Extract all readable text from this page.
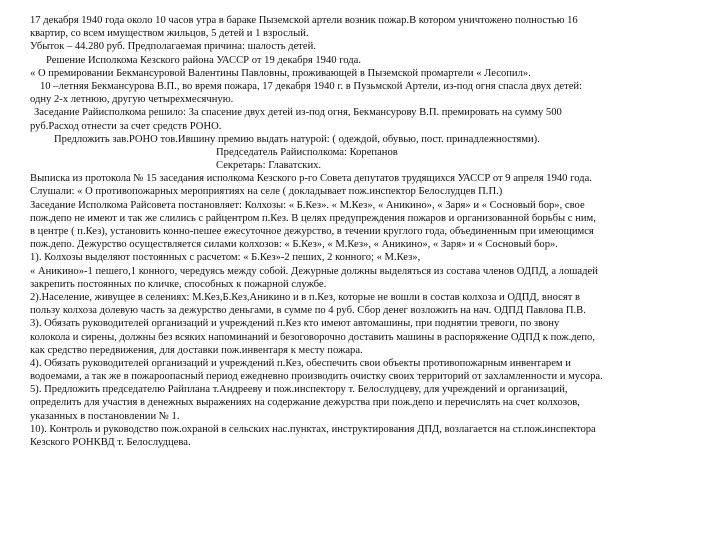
17 декабря 1940 года около 10 часов утра в бараке Пыземской артели возник пожар.В котором уничтожено полностью 16
квартир, со всем имуществом жильцов, 5 детей и 1 взрослый.
Убыток – 44.280 руб. Предполагаемая причина: шалость детей.
Решение Исполкома Кезского района УАССР от 19 декабря 1940 года.
« О премировании Бекмансуровой Валентины Павловны, проживающей в Пыземской промартели « Лесопил».
10 –летняя Бекмансурова В.П., во время пожара, 17 декабря 1940 г. в Пузьмской Артели, из-под огня спасла двух детей:
одну 2-х летнюю, другую четырехмесячную.
Заседание Райисполкома решило: За спасение двух детей из-под огня, Бекмансурову В.П. премировать на сумму 500
руб.Расход отнести за счет средств РОНО.
Предложить зав.РОНО тов.Ившину премию выдать натурой: ( одеждой, обувью, пост. принадлежностями).
Председатель Райисполкома: Корепанов
Секретарь: Главатских.
Выписка из протокола № 15 заседания исполкома Кезского р-го Совета депутатов трудящихся УАССР от 9 апреля 1940 года.
Слушали: « О противопожарных мероприятиях на селе ( докладывает пож.инспектор Белослудцев П.П.)
Заседание Исполкома Райсовета постановляет: Колхозы: « Б.Кез». « М.Кез», « Аникино», « Заря» и « Сосновый бор», свое
пож.депо не имеют и так же слились с райцентром п.Кез. В целях предупреждения пожаров и организованной борьбы с ним,
в центре ( п.Кез), установить конно-пешее ежесуточное дежурство, в течении круглого года, объединенным при имеющимся
пож.депо. Дежурство осуществляется силами колхозов: « Б.Кез», « М.Кез», « Аникино», « Заря» и « Сосновый бор».
1). Колхозы выделяют постоянных с расчетом: « Б.Кез»-2 пеших, 2 конного; « М.Кез»,
« Аникино»-1 пешего,1 конного, чередуясь между собой. Дежурные должны выделяться из состава членов ОДПД, а лошадей
закрепить постоянных по кличке, способных к пожарной службе.
2).Население, живущее в селениях: М.Кез,Б.Кез,Аникино и в п.Кез, которые не вошли в состав колхоза и ОДПД, вносят в
пользу колхоза долевую часть за дежурство деньгами, в сумме по 4 руб. Сбор денег возложить на нач. ОДПД Павлова П.В.
3). Обязать руководителей организаций и учреждений п.Кез кто имеют автомашины, при поднятии тревоги, по звону
колокола и сирены, должны без всяких напоминаний и безоговорочно доставить машины в распоряжение ОДПД к пож.депо,
как средство передвижения, для доставки пож.инвентаря к месту пожара.
4). Обязать руководителей организаций и учреждений п.Кез, обеспечить свои объекты противопожарным инвентарем и
водоемами, а так же в пожароопасный период ежедневно производить очистку своих территорий от захламленности и мусора.
5). Предложить председателю Райплана т.Андрееву и пож.инспектору т. Белослудцеву, для учреждений и организаций,
определить для участия в денежных выражениях на содержание дежурства при пож.депо и перечислять на счет колхозов,
указанных в постановлении № 1.
10). Контроль и руководство пож.охраной в сельских нас.пунктах, инструктирования ДПД, возлагается на ст.пож.инспектора
Кезского РОНКВД т. Белослудцева.
